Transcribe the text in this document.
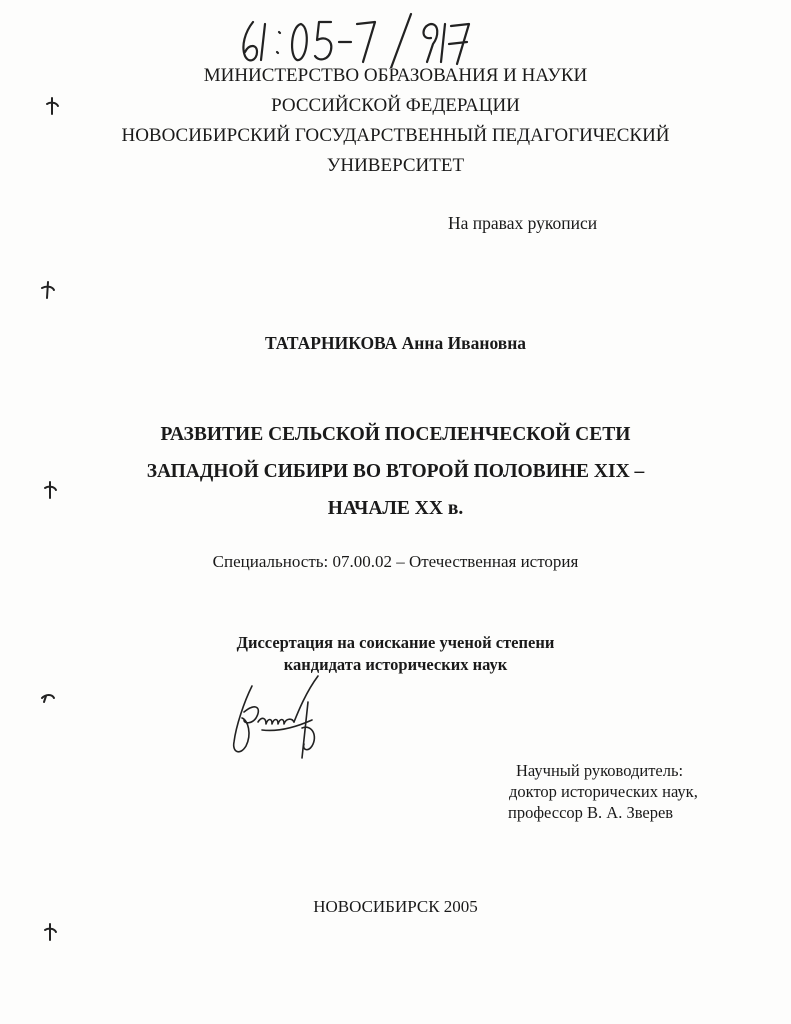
МИНИСТЕРСТВО ОБРАЗОВАНИЯ И НАУКИ
РОССИЙСКОЙ ФЕДЕРАЦИИ
НОВОСИБИРСКИЙ ГОСУДАРСТВЕННЫЙ ПЕДАГОГИЧЕСКИЙ
УНИВЕРСИТЕТ
На правах рукописи
ТАТАРНИКОВА Анна Ивановна
РАЗВИТИЕ СЕЛЬСКОЙ ПОСЕЛЕНЧЕСКОЙ СЕТИ
ЗАПАДНОЙ СИБИРИ ВО ВТОРОЙ ПОЛОВИНЕ XIX –
НАЧАЛЕ XX в.
Специальность: 07.00.02 – Отечественная история
Диссертация на соискание ученой степени
кандидата исторических наук
Научный руководитель:
доктор исторических наук,
профессор В. А. Зверев
НОВОСИБИРСК 2005
